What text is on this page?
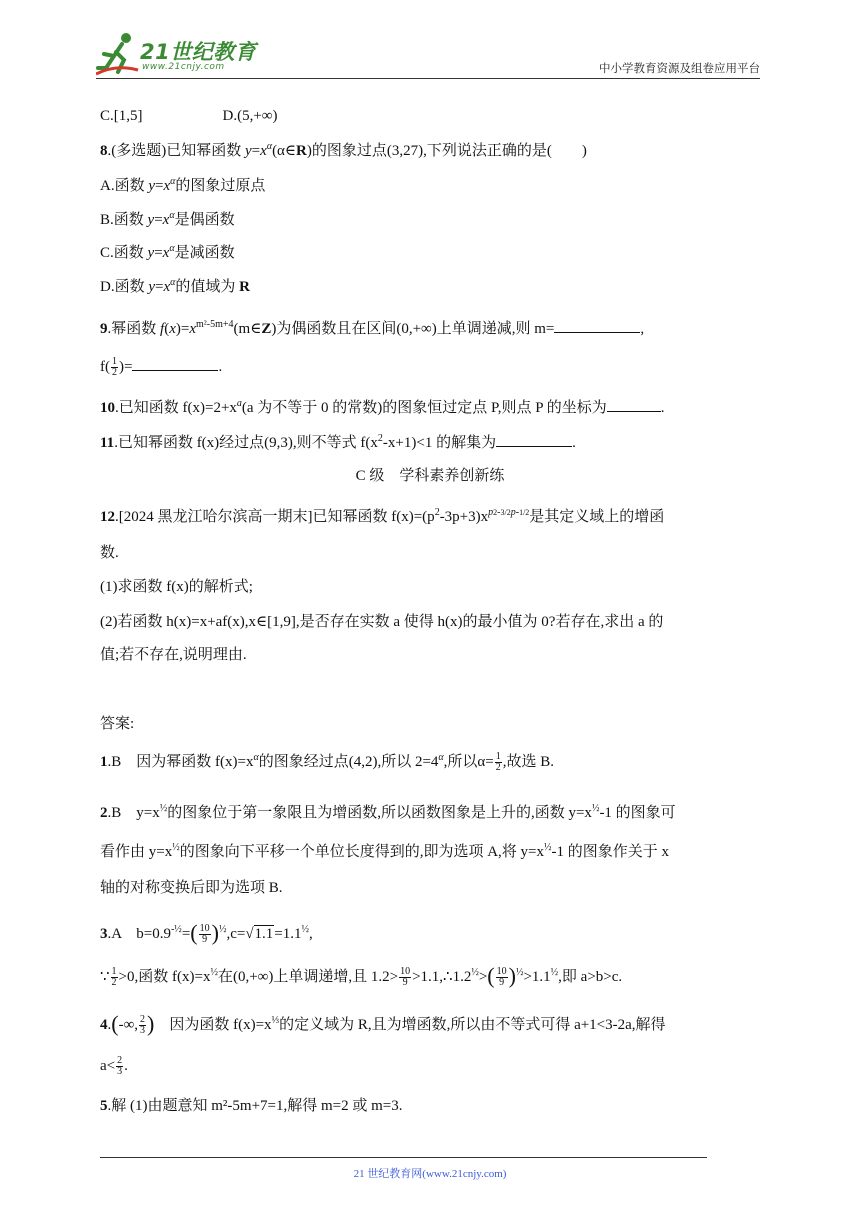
21世纪教育
www.21cnjy.com	中小学教育资源及组卷应用平台
C.[1,5]	D.(5,+∞)
8.(多选题)已知幂函数 $y=x^\alpha(\alpha\in R)$的图象过点(3,27),下列说法正确的是(　　)
A.函数 $y=x^\alpha$的图象过原点
B.函数 $y=x^\alpha$是偶函数
C.函数 $y=x^\alpha$是减函数
D.函数 $y=x^\alpha$的值域为 R
9.幂函数 $f(x)=x^{m^2-5m+4}(m\in Z)$为偶函数且在区间(0,+∞)上单调递减,则 m=	,
$f( \frac{1}{2}$ )=	.
10.已知函数 $f(x)=2+x^a(a$ 为不等于 0 的常数)的图象恒过定点 P,则点 P 的坐标为	.
11.已知幂函数 f(x)经过点(9,3),则不等式 $f(x^2-x+1)<1$ 的解集为	.
C 级　学科素养创新练
12.[2024 黑龙江哈尔滨高一期末]已知幂函数 $f(x)=(p^2-3p+3)x^{p2-3/2p-1/2}$是其定义域上的增函
数.
(1)求函数 f(x)的解析式;
(2)若函数 h(x)=x+af(x),x∈[1,9],是否存在实数 a 使得 h(x)的最小值为 0?若存在,求出 a 的
值;若不存在,说明理由.
答案:
1.B　因为幂函数 $f(x)=x^\alpha$的图象经过点(4,2),所以 $2=4^\alpha$,所以$\alpha= \frac{1}{2}$ ,故选 B.
2.B　$y=x^{\frac{1}{2}}$的图象位于第一象限且为增函数,所以函数图象是上升的,函数 $y=x^{\frac{1}{2}}-1$ 的图象可
看作由 $y=x^{\frac{1}{2}}$的图象向下平移一个单位长度得到的,即为选项 A,将 $y=x^{\frac{1}{2}}-1$ 的图象作关于 x
轴的对称变换后即为选项 B.
3.A　$b=0.9^{-\frac{1}{2}}=( \frac{10}{9} )^{\frac{1}{2}},c=√1.1=1.1^{\frac{1}{2}}$,
∵ $\frac{1}{2} >0$,函数 $f(x)=x^{\frac{1}{2}}$在(0,+∞)上单调递增,且 $1.2> \frac{10}{9}$ $>1.1,\therefore 1.2^{\frac{1}{2}}>( \frac{10}{9} )^{\frac{1}{2}}>1.1^{\frac{1}{2}}$,即 a>b>c.
4.(-∞, $\frac{2}{3}$ )　因为函数 $f(x)=x^{\frac{1}{3}}$的定义域为 R,且为增函数,所以由不等式可得 a+1<3-2a,解得
$a< \frac{2}{3}$ .
5.解 (1)由题意知 m²-5m+7=1,解得 m=2 或 m=3.
21 世纪教育网(www.21cnjy.com)
